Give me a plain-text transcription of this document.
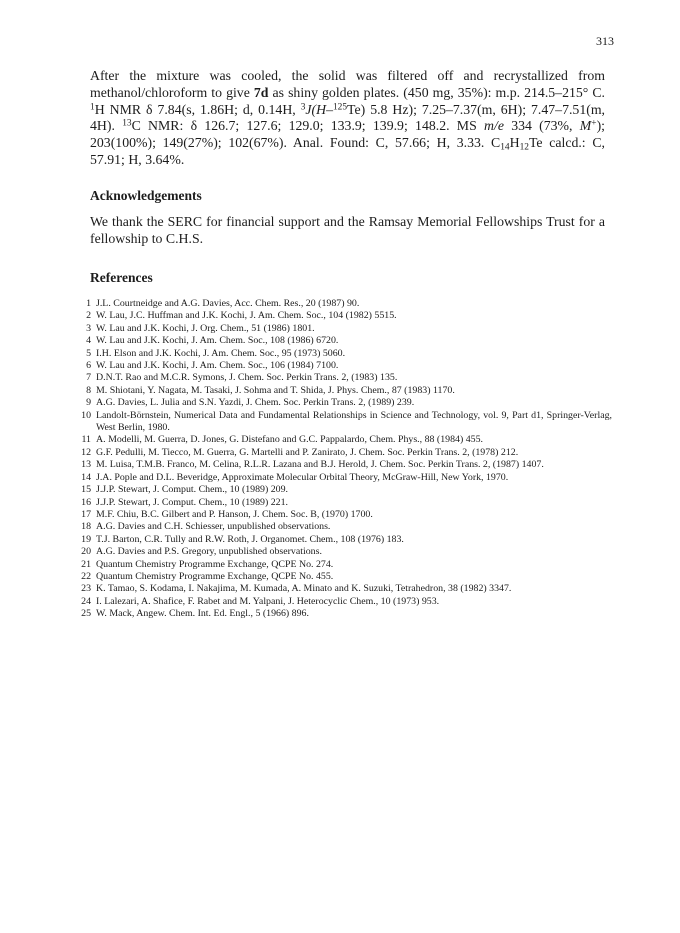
313

After the mixture was cooled, the solid was filtered off and recrystallized from methanol/chloroform to give 7d as shiny golden plates. (450 mg, 35%): m.p. 214.5–215° C. $^1$H NMR δ 7.84(s, 1.86H; d, 0.14H, $^3$J(H–$^{125}$Te) 5.8 Hz); 7.25–7.37(m, 6H); 7.47–7.51(m, 4H). $^{13}$C NMR: δ 126.7; 127.6; 129.0; 133.9; 139.9; 148.2. MS m/e 334 (73%, M+); 203(100%); 149(27%); 102(67%). Anal. Found: C, 57.66; H, 3.33. $C_{14}H_{12}Te$ calcd.: C, 57.91; H, 3.64%.

Acknowledgements

We thank the SERC for financial support and the Ramsay Memorial Fellowships Trust for a fellowship to C.H.S.

References
1 J.L. Courtneidge and A.G. Davies, Acc. Chem. Res., 20 (1987) 90.
2 W. Lau, J.C. Huffman and J.K. Kochi, J. Am. Chem. Soc., 104 (1982) 5515.
3 W. Lau and J.K. Kochi, J. Org. Chem., 51 (1986) 1801.
4 W. Lau and J.K. Kochi, J. Am. Chem. Soc., 108 (1986) 6720.
5 I.H. Elson and J.K. Kochi, J. Am. Chem. Soc., 95 (1973) 5060.
6 W. Lau and J.K. Kochi, J. Am. Chem. Soc., 106 (1984) 7100.
7 D.N.T. Rao and M.C.R. Symons, J. Chem. Soc. Perkin Trans. 2, (1983) 135.
8 M. Shiotani, Y. Nagata, M. Tasaki, J. Sohma and T. Shida, J. Phys. Chem., 87 (1983) 1170.
9 A.G. Davies, L. Julia and S.N. Yazdi, J. Chem. Soc. Perkin Trans. 2, (1989) 239.
10 Landolt-Börnstein, Numerical Data and Fundamental Relationships in Science and Technology, vol. 9, Part d1, Springer-Verlag, West Berlin, 1980.
11 A. Modelli, M. Guerra, D. Jones, G. Distefano and G.C. Pappalardo, Chem. Phys., 88 (1984) 455.
12 G.F. Pedulli, M. Tiecco, M. Guerra, G. Martelli and P. Zanirato, J. Chem. Soc. Perkin Trans. 2, (1978) 212.
13 M. Luisa, T.M.B. Franco, M. Celina, R.L.R. Lazana and B.J. Herold, J. Chem. Soc. Perkin Trans. 2, (1987) 1407.
14 J.A. Pople and D.L. Beveridge, Approximate Molecular Orbital Theory, McGraw-Hill, New York, 1970.
15 J.J.P. Stewart, J. Comput. Chem., 10 (1989) 209.
16 J.J.P. Stewart, J. Comput. Chem., 10 (1989) 221.
17 M.F. Chiu, B.C. Gilbert and P. Hanson, J. Chem. Soc. B, (1970) 1700.
18 A.G. Davies and C.H. Schiesser, unpublished observations.
19 T.J. Barton, C.R. Tully and R.W. Roth, J. Organomet. Chem., 108 (1976) 183.
20 A.G. Davies and P.S. Gregory, unpublished observations.
21 Quantum Chemistry Programme Exchange, QCPE No. 274.
22 Quantum Chemistry Programme Exchange, QCPE No. 455.
23 K. Tamao, S. Kodama, I. Nakajima, M. Kumada, A. Minato and K. Suzuki, Tetrahedron, 38 (1982) 3347.
24 I. Lalezari, A. Shafice, F. Rabet and M. Yalpani, J. Heterocyclic Chem., 10 (1973) 953.
25 W. Mack, Angew. Chem. Int. Ed. Engl., 5 (1966) 896.
